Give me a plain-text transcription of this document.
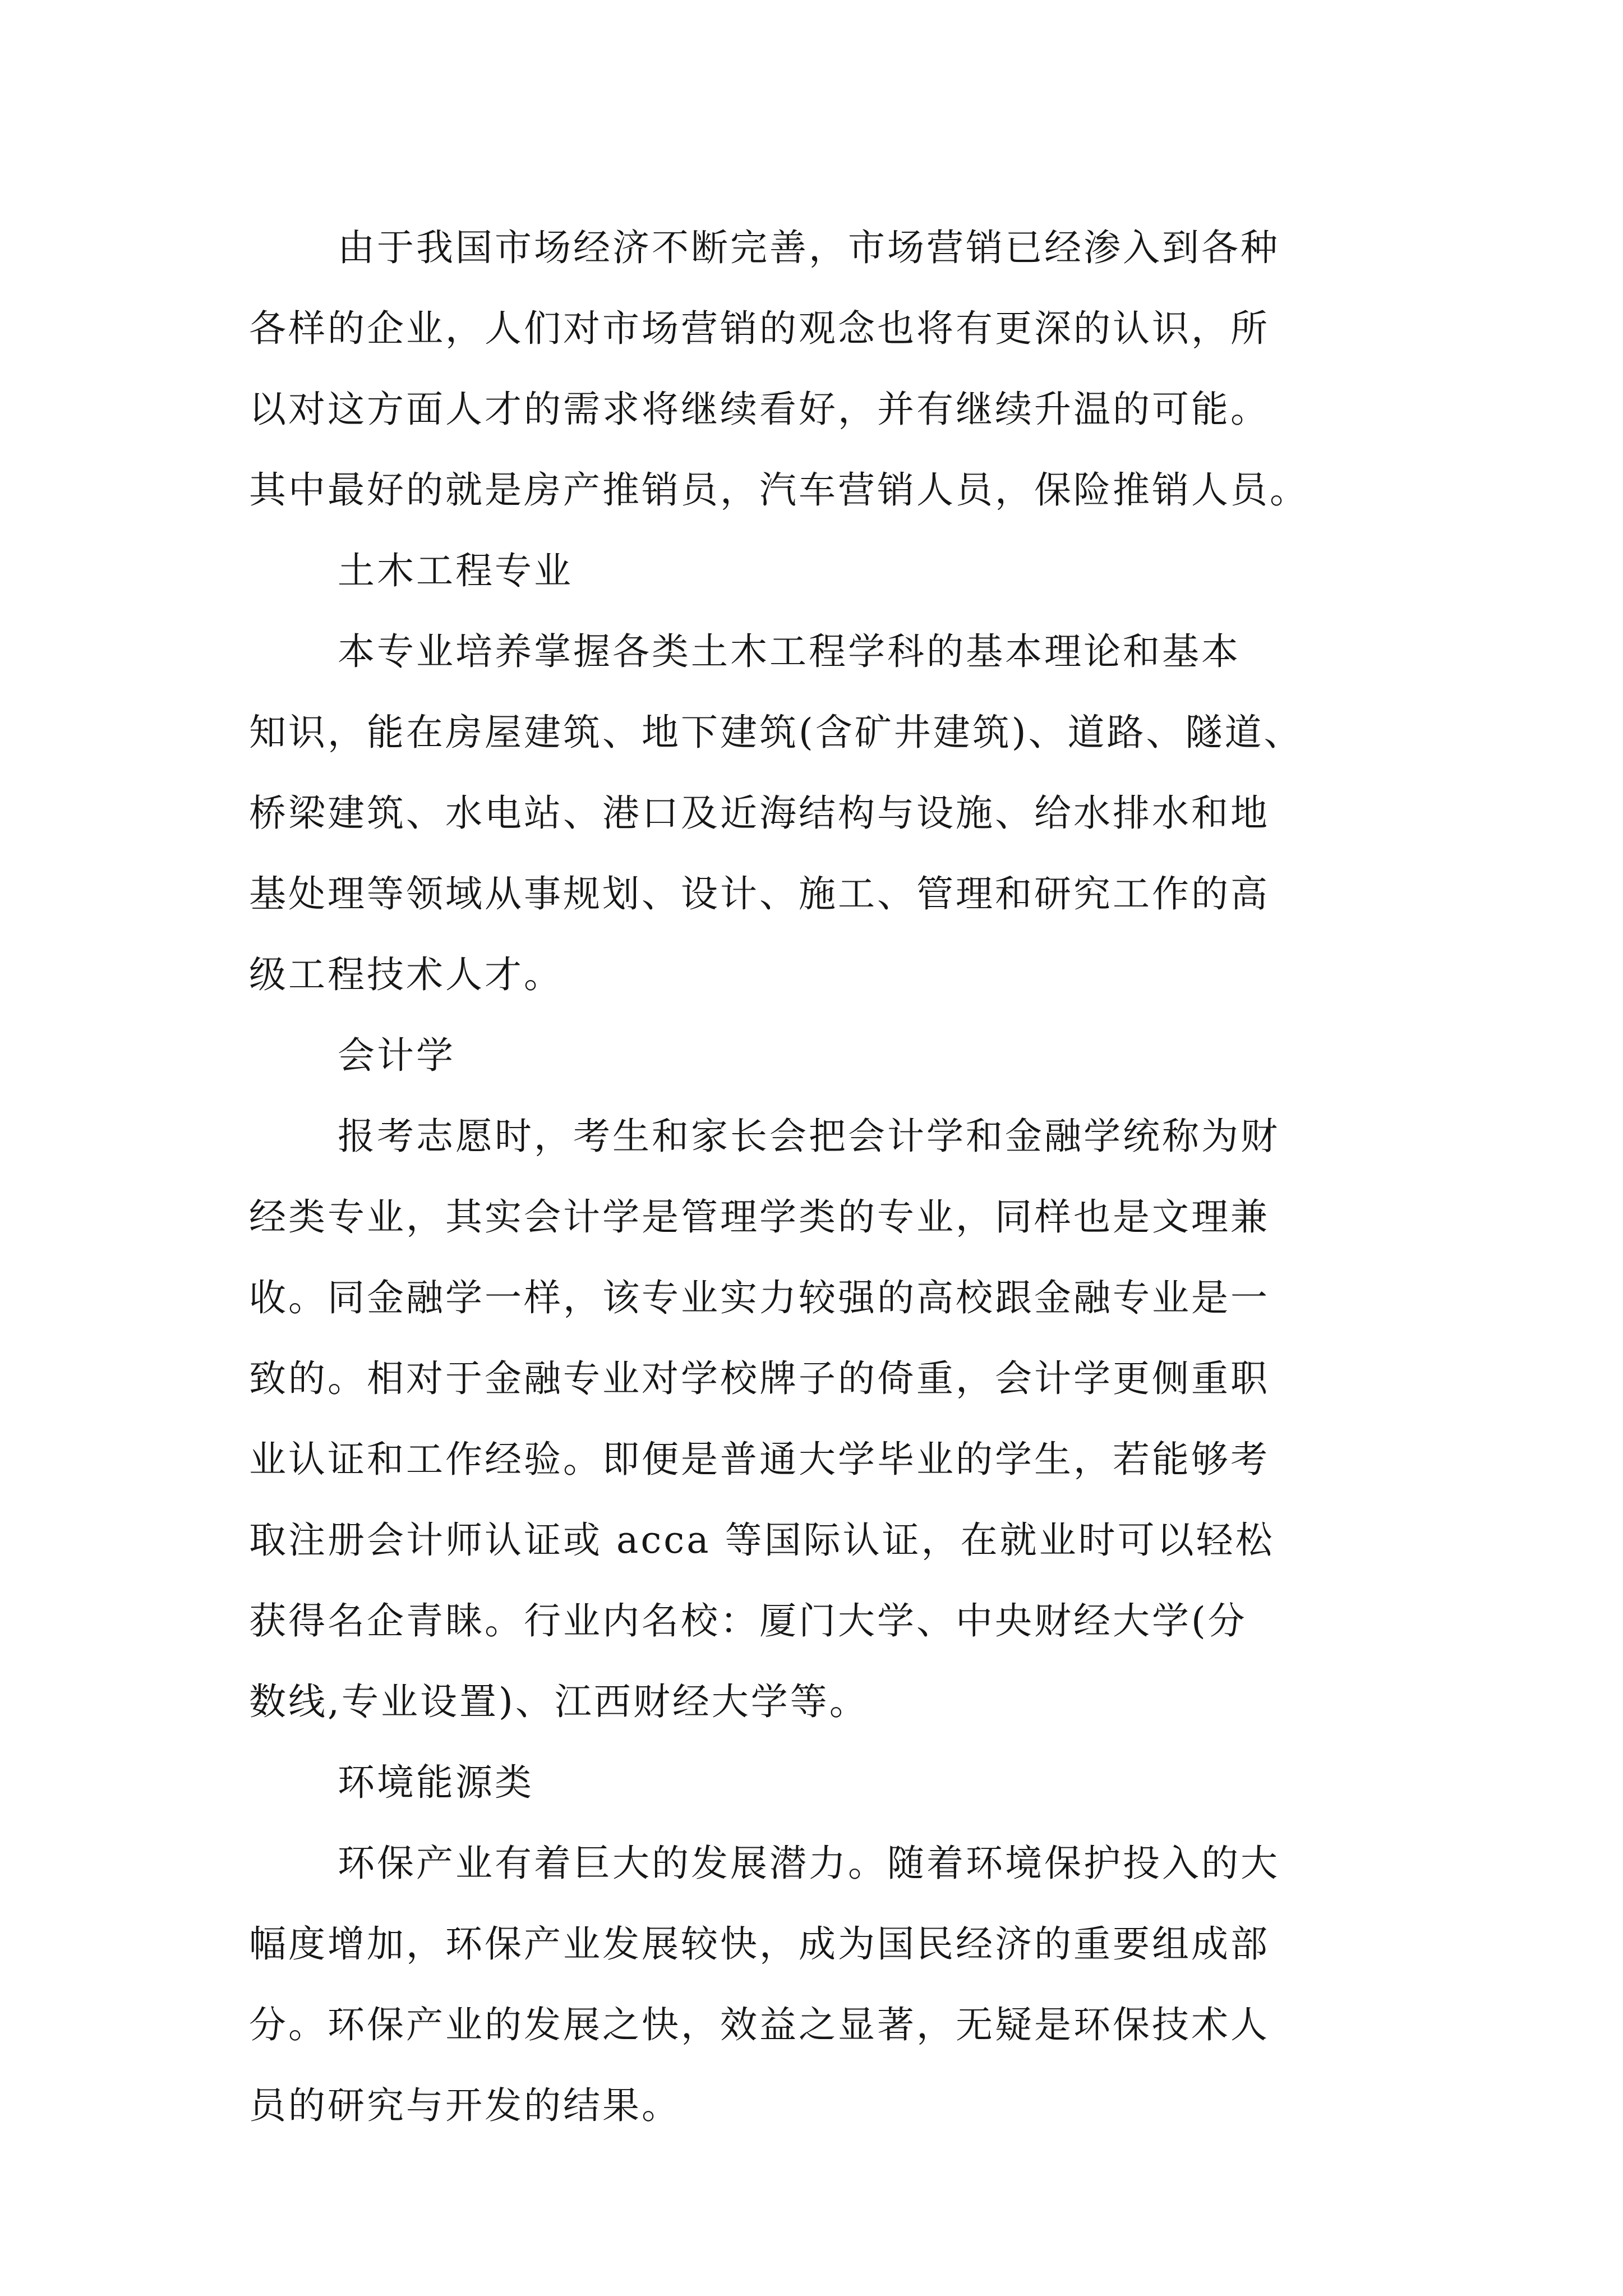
由于我国市场经济不断完善，市场营销已经渗入到各种
各样的企业，人们对市场营销的观念也将有更深的认识，所
以对这方面人才的需求将继续看好，并有继续升温的可能。
其中最好的就是房产推销员，汽车营销人员，保险推销人员。
土木工程专业
本专业培养掌握各类土木工程学科的基本理论和基本
知识，能在房屋建筑、地下建筑(含矿井建筑)、道路、隧道、
桥梁建筑、水电站、港口及近海结构与设施、给水排水和地
基处理等领域从事规划、设计、施工、管理和研究工作的高
级工程技术人才。
会计学
报考志愿时，考生和家长会把会计学和金融学统称为财
经类专业，其实会计学是管理学类的专业，同样也是文理兼
收。同金融学一样，该专业实力较强的高校跟金融专业是一
致的。相对于金融专业对学校牌子的倚重，会计学更侧重职
业认证和工作经验。即便是普通大学毕业的学生，若能够考
取注册会计师认证或 acca 等国际认证，在就业时可以轻松
获得名企青睐。行业内名校：厦门大学、中央财经大学(分
数线,专业设置)、江西财经大学等。
环境能源类
环保产业有着巨大的发展潜力。随着环境保护投入的大
幅度增加，环保产业发展较快，成为国民经济的重要组成部
分。环保产业的发展之快，效益之显著，无疑是环保技术人
员的研究与开发的结果。
